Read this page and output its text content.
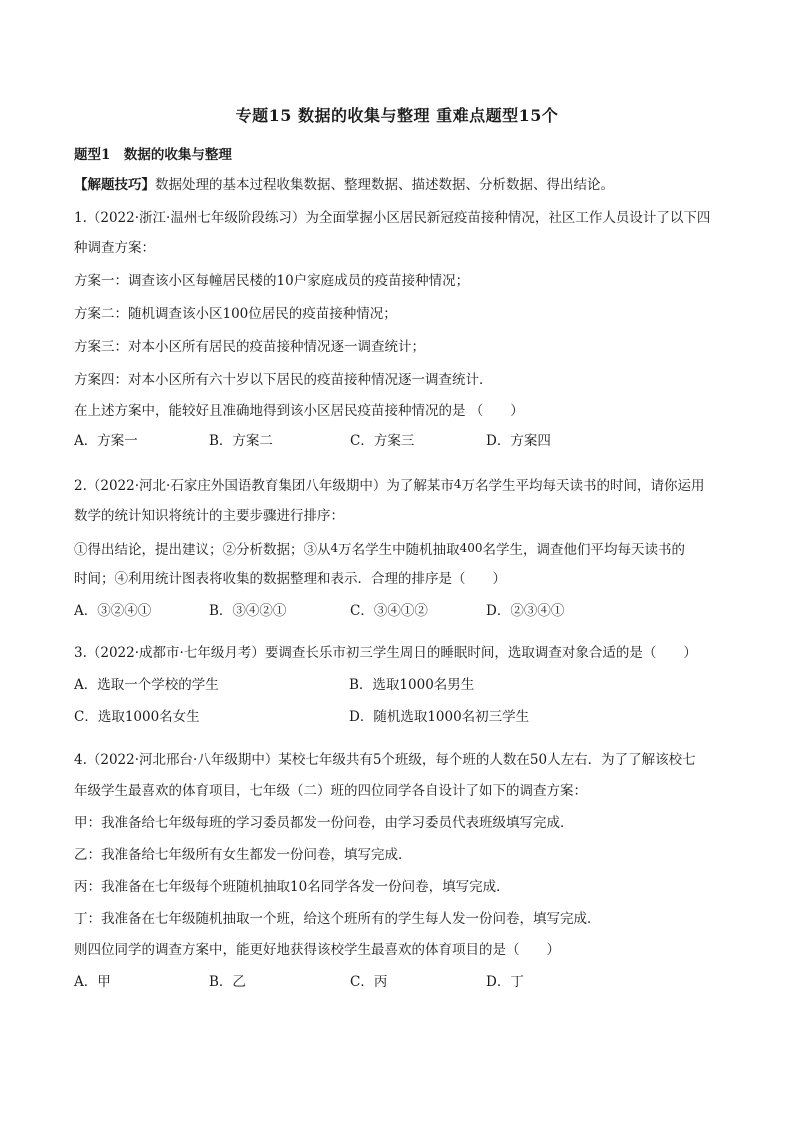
专题15 数据的收集与整理 重难点题型15个
题型1　数据的收集与整理
【解题技巧】数据处理的基本过程收集数据、整理数据、描述数据、分析数据、得出结论。
1.（2022·浙江·温州七年级阶段练习）为全面掌握小区居民新冠疫苗接种情况，社区工作人员设计了以下四
种调查方案：
方案一：调查该小区每幢居民楼的10户家庭成员的疫苗接种情况；
方案二：随机调查该小区100位居民的疫苗接种情况；
方案三：对本小区所有居民的疫苗接种情况逐一调查统计；
方案四：对本小区所有六十岁以下居民的疫苗接种情况逐一调查统计．
在上述方案中，能较好且准确地得到该小区居民疫苗接种情况的是 （　　）
A．方案一	B．方案二	C．方案三	D．方案四
2.（2022·河北·石家庄外国语教育集团八年级期中）为了解某市4万名学生平均每天读书的时间，请你运用
数学的统计知识将统计的主要步骤进行排序：
①得出结论，提出建议；②分析数据；③从4万名学生中随机抽取400名学生，调查他们平均每天读书的
时间；④利用统计图表将收集的数据整理和表示．合理的排序是（　　）
A．③②④①	B．③④②①	C．③④①②	D．②③④①
3.（2022·成都市·七年级月考）要调查长乐市初三学生周日的睡眠时间，选取调查对象合适的是（　　）
A．选取一个学校的学生	B．选取1000名男生
C．选取1000名女生	D．随机选取1000名初三学生
4.（2022·河北邢台·八年级期中）某校七年级共有5个班级，每个班的人数在50人左右．为了了解该校七
年级学生最喜欢的体育项目，七年级（二）班的四位同学各自设计了如下的调查方案：
甲：我准备给七年级每班的学习委员都发一份问卷，由学习委员代表班级填写完成．
乙：我准备给七年级所有女生都发一份问卷，填写完成．
丙：我准备在七年级每个班随机抽取10名同学各发一份问卷，填写完成．
丁：我准备在七年级随机抽取一个班，给这个班所有的学生每人发一份问卷，填写完成．
则四位同学的调查方案中，能更好地获得该校学生最喜欢的体育项目的是（　　）
A．甲	B．乙	C．丙	D．丁
